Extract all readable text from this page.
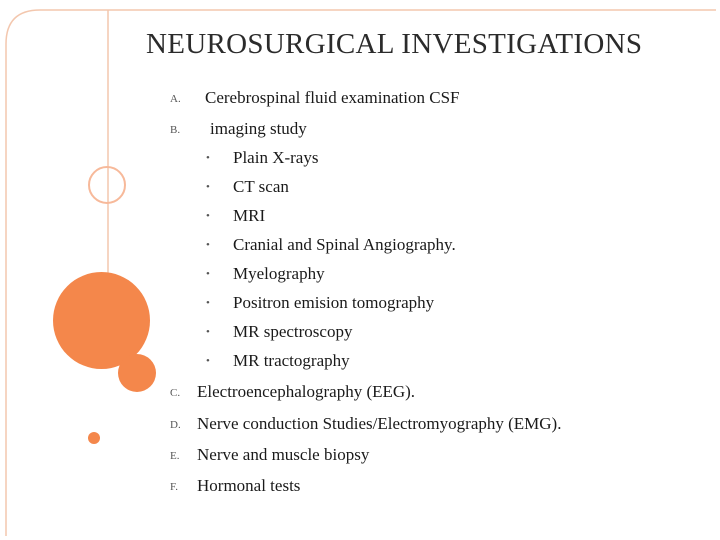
NEUROSURGICAL INVESTIGATIONS
A. Cerebrospinal fluid examination CSF
B. imaging study
• Plain X-rays
• CT scan
• MRI
• Cranial and Spinal Angiography.
• Myelography
• Positron emision tomography
• MR spectroscopy
• MR tractography
C. Electroencephalography (EEG).
D. Nerve conduction Studies/Electromyography (EMG).
E. Nerve and muscle biopsy
F. Hormonal tests
